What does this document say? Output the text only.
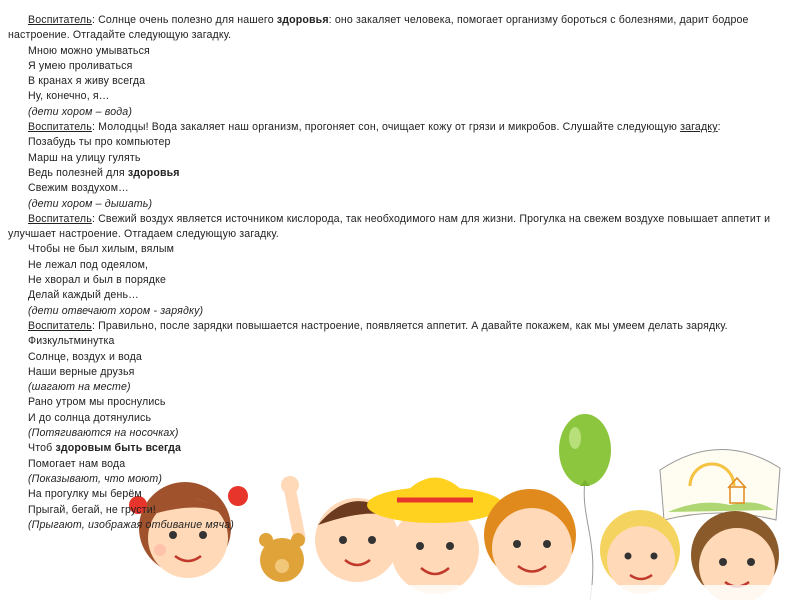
Воспитатель: Солнце очень полезно для нашего здоровья: оно закаляет человека, помогает организму бороться с болезнями, дарит бодрое настроение. Отгадайте следующую загадку.
Мною можно умываться
Я умею проливаться
В кранах я живу всегда
Ну, конечно, я…
(дети хором – вода)
Воспитатель: Молодцы! Вода закаляет наш организм, прогоняет сон, очищает кожу от грязи и микробов. Слушайте следующую загадку:
Позабудь ты про компьютер
Марш на улицу гулять
Ведь полезней для здоровья
Свежим воздухом…
(дети хором – дышать)
Воспитатель: Свежий воздух является источником кислорода, так необходимого нам для жизни. Прогулка на свежем воздухе повышает аппетит и улучшает настроение. Отгадаем следующую загадку.
Чтобы не был хилым, вялым
Не лежал под одеялом,
Не хворал и был в порядке
Делай каждый день…
(дети отвечают хором - зарядку)
Воспитатель: Правильно, после зарядки повышается настроение, появляется аппетит. А давайте покажем, как мы умеем делать зарядку.
Физкультминутка
Солнце, воздух и вода
Наши верные друзья
(шагают на месте)
Рано утром мы проснулись
И до солнца дотянулись
(Потягиваются на носочках)
Чтоб здоровым быть всегда
Помогает нам вода
(Показывают, что моют)
На прогулку мы берём
Прыгай, бегай, не грусти!
(Прыгают, изображая отбивание мяча)
